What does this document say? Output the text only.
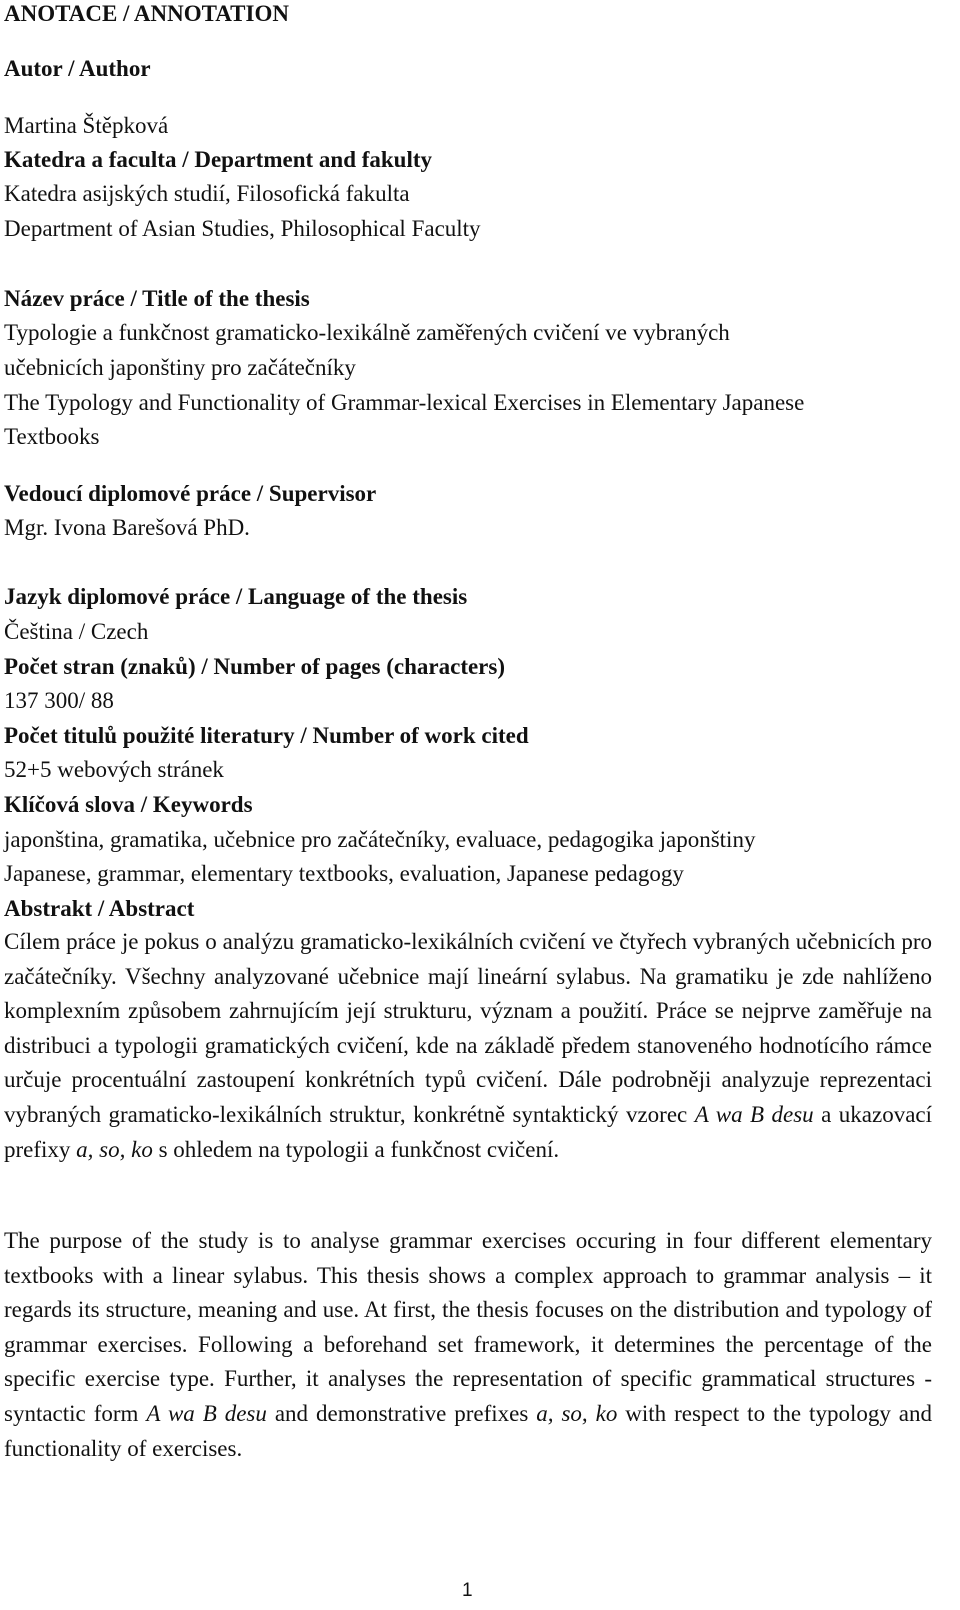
ANOTACE / ANNOTATION
Autor / Author
Martina Štěpková
Katedra a faculta / Department and fakulty
Katedra asijských studií, Filosofická fakulta
Department of Asian Studies, Philosophical Faculty
Název práce / Title of the thesis
Typologie a funkčnost gramaticko-lexikálně zaměřených cvičení ve vybraných
učebnicích japonštiny pro začátečníky
The Typology and Functionality of Grammar-lexical Exercises in Elementary Japanese
Textbooks
Vedoucí diplomové práce / Supervisor
Mgr. Ivona Barešová PhD.
Jazyk diplomové práce / Language of the thesis
Čeština / Czech
Počet stran (znaků) / Number of pages (characters)
137 300/ 88
Počet titulů použité literatury / Number of work cited
52+5 webových stránek
Klíčová slova / Keywords
japonština, gramatika, učebnice pro začátečníky, evaluace, pedagogika japonštiny
Japanese, grammar, elementary textbooks, evaluation, Japanese pedagogy
Abstrakt / Abstract
Cílem práce je pokus o analýzu gramaticko-lexikálních cvičení ve čtyřech vybraných učebnicích pro začátečníky. Všechny analyzované učebnice mají lineární sylabus. Na gramatiku je zde nahlíženo komplexním způsobem zahrnujícím její strukturu, význam a použití. Práce se nejprve zaměřuje na distribuci a typologii gramatických cvičení, kde na základě předem stanoveného hodnotícího rámce určuje procentuální zastoupení konkrétních typů cvičení. Dále podrobněji analyzuje reprezentaci vybraných gramaticko-lexikálních struktur, konkrétně syntaktický vzorec A wa B desu a ukazovací prefixy a, so, ko s ohledem na typologii a funkčnost cvičení.
The purpose of the study is to analyse grammar exercises occuring in four different elementary textbooks with a linear sylabus. This thesis shows a complex approach to grammar analysis – it regards its structure, meaning and use. At first, the thesis focuses on the distribution and typology of grammar exercises. Following a beforehand set framework, it determines the percentage of the specific exercise type. Further, it analyses the representation of specific grammatical structures - syntactic form A wa B desu and demonstrative prefixes a, so, ko with respect to the typology and functionality of exercises.
1
